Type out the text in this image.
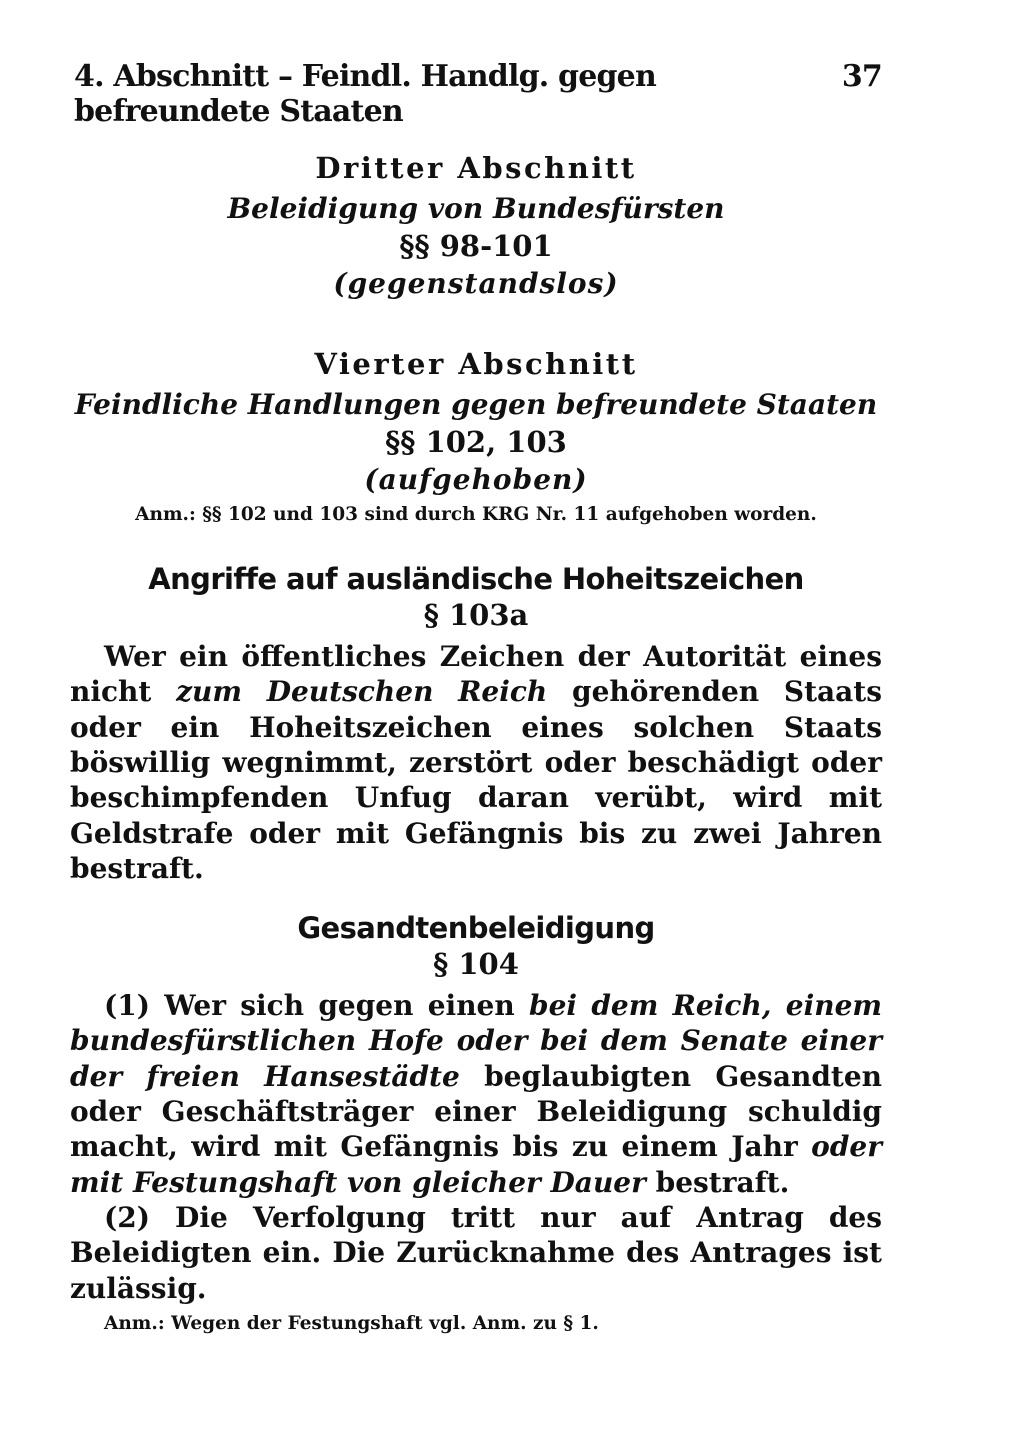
4. Abschnitt – Feindl. Handlg. gegen befreundete Staaten
37
Dritter Abschnitt
Beleidigung von Bundesfürsten
§§ 98-101
(gegenstandslos)
Vierter Abschnitt
Feindliche Handlungen gegen befreundete Staaten
§§ 102, 103
(aufgehoben)
Anm.: §§ 102 und 103 sind durch KRG Nr. 11 aufgehoben worden.
Angriffe auf ausländische Hoheitszeichen
§ 103a

Wer ein öffentliches Zeichen der Autorität eines nicht zum Deutschen Reich gehörenden Staats oder ein Hoheitszeichen eines solchen Staats böswillig wegnimmt, zerstört oder beschädigt oder beschimpfenden Unfug daran verübt, wird mit Geldstrafe oder mit Gefängnis bis zu zwei Jahren bestraft.

Gesandtenbeleidigung
§ 104

(1) Wer sich gegen einen bei dem Reich, einem bundesfürstlichen Hofe oder bei dem Senate einer der freien Hansestädte beglaubigten Gesandten oder Geschäftsträger einer Beleidigung schuldig macht, wird mit Gefängnis bis zu einem Jahr oder mit Festungshaft von gleicher Dauer bestraft.

(2) Die Verfolgung tritt nur auf Antrag des Beleidigten ein. Die Zurücknahme des Antrages ist zulässig.

Anm.: Wegen der Festungshaft vgl. Anm. zu § 1.
